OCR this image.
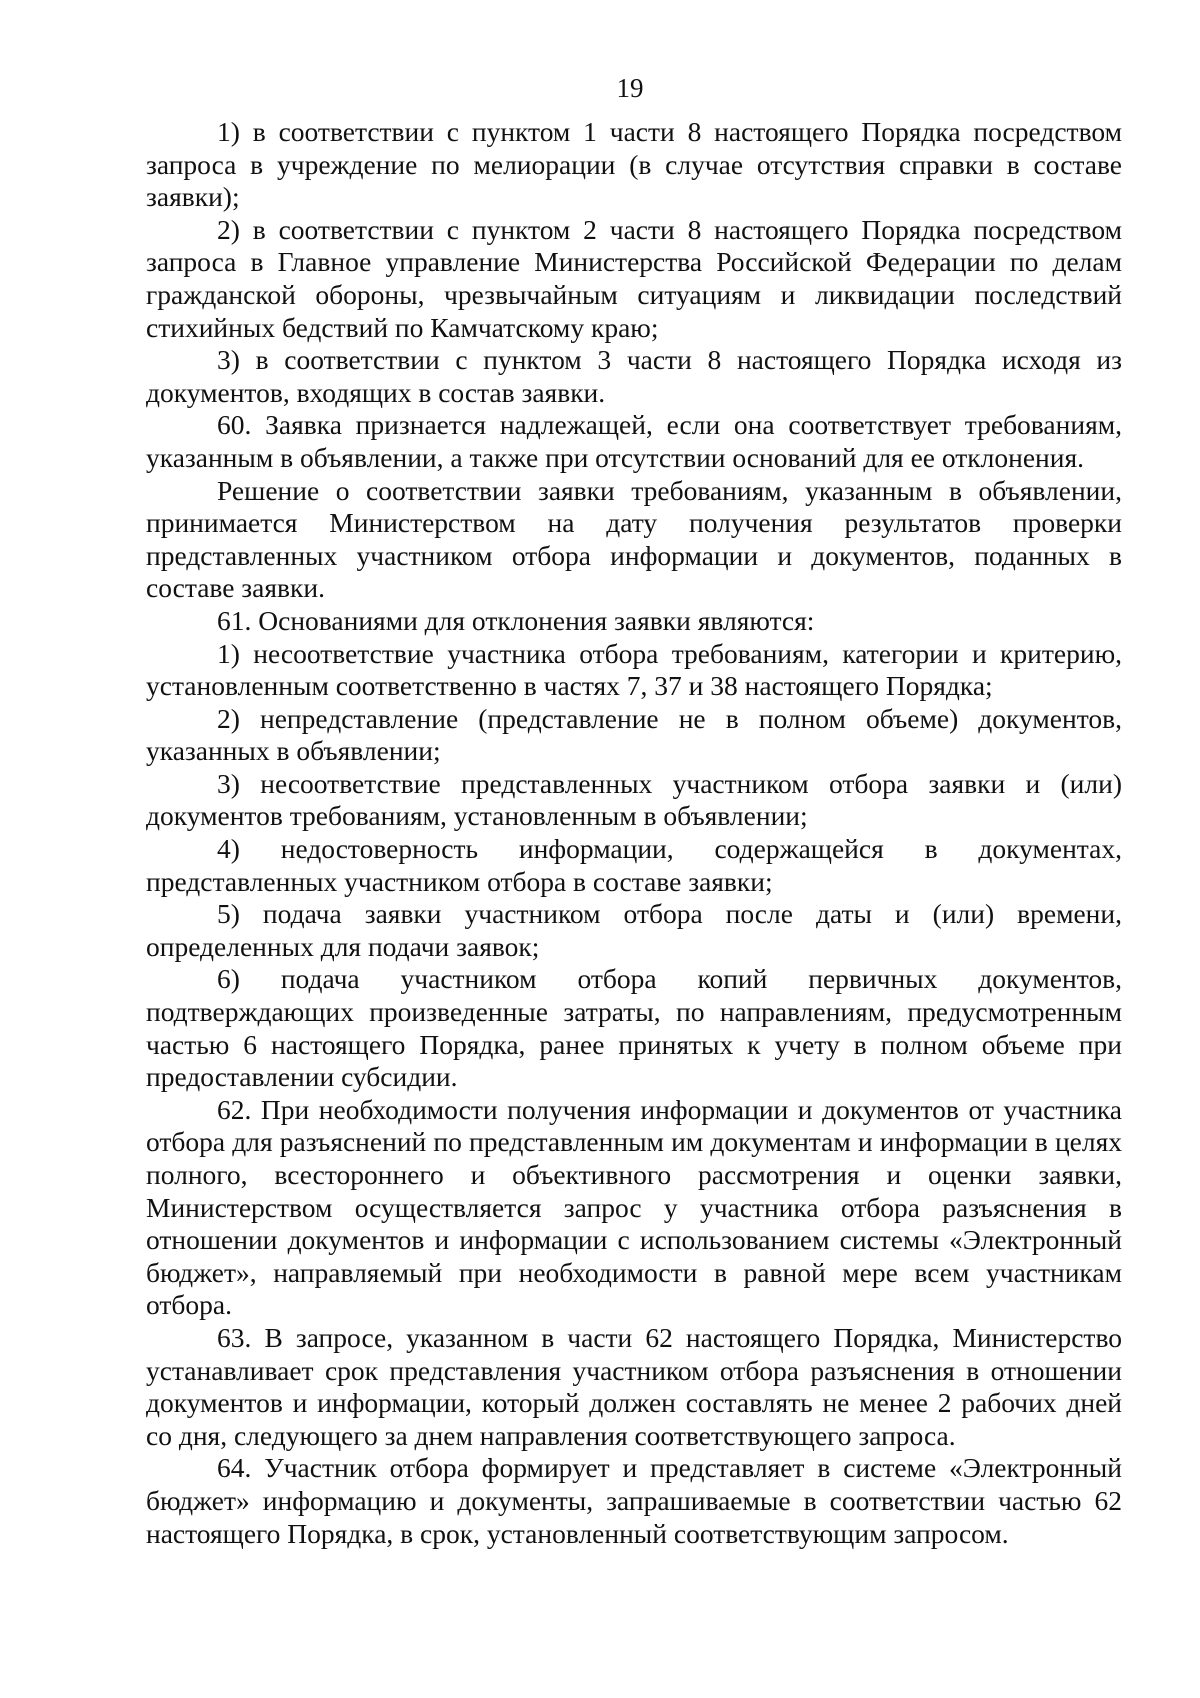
19

1) в соответствии с пунктом 1 части 8 настоящего Порядка посредством запроса в учреждение по мелиорации (в случае отсутствия справки в составе заявки);

2) в соответствии с пунктом 2 части 8 настоящего Порядка посредством запроса в Главное управление Министерства Российской Федерации по делам гражданской обороны, чрезвычайным ситуациям и ликвидации последствий стихийных бедствий по Камчатскому краю;

3) в соответствии с пунктом 3 части 8 настоящего Порядка исходя из документов, входящих в состав заявки.

60. Заявка признается надлежащей, если она соответствует требованиям, указанным в объявлении, а также при отсутствии оснований для ее отклонения.

Решение о соответствии заявки требованиям, указанным в объявлении, принимается Министерством на дату получения результатов проверки представленных участником отбора информации и документов, поданных в составе заявки.

61. Основаниями для отклонения заявки являются:

1) несоответствие участника отбора требованиям, категории и критерию, установленным соответственно в частях 7, 37 и 38 настоящего Порядка;

2) непредставление (представление не в полном объеме) документов, указанных в объявлении;

3) несоответствие представленных участником отбора заявки и (или) документов требованиям, установленным в объявлении;

4) недостоверность информации, содержащейся в документах, представленных участником отбора в составе заявки;

5) подача заявки участником отбора после даты и (или) времени, определенных для подачи заявок;

6) подача участником отбора копий первичных документов, подтверждающих произведенные затраты, по направлениям, предусмотренным частью 6 настоящего Порядка, ранее принятых к учету в полном объеме при предоставлении субсидии.

62. При необходимости получения информации и документов от участника отбора для разъяснений по представленным им документам и информации в целях полного, всестороннего и объективного рассмотрения и оценки заявки, Министерством осуществляется запрос у участника отбора разъяснения в отношении документов и информации с использованием системы «Электронный бюджет», направляемый при необходимости в равной мере всем участникам отбора.

63. В запросе, указанном в части 62 настоящего Порядка, Министерство устанавливает срок представления участником отбора разъяснения в отношении документов и информации, который должен составлять не менее 2 рабочих дней со дня, следующего за днем направления соответствующего запроса.

64. Участник отбора формирует и представляет в системе «Электронный бюджет» информацию и документы, запрашиваемые в соответствии частью 62 настоящего Порядка, в срок, установленный соответствующим запросом.
